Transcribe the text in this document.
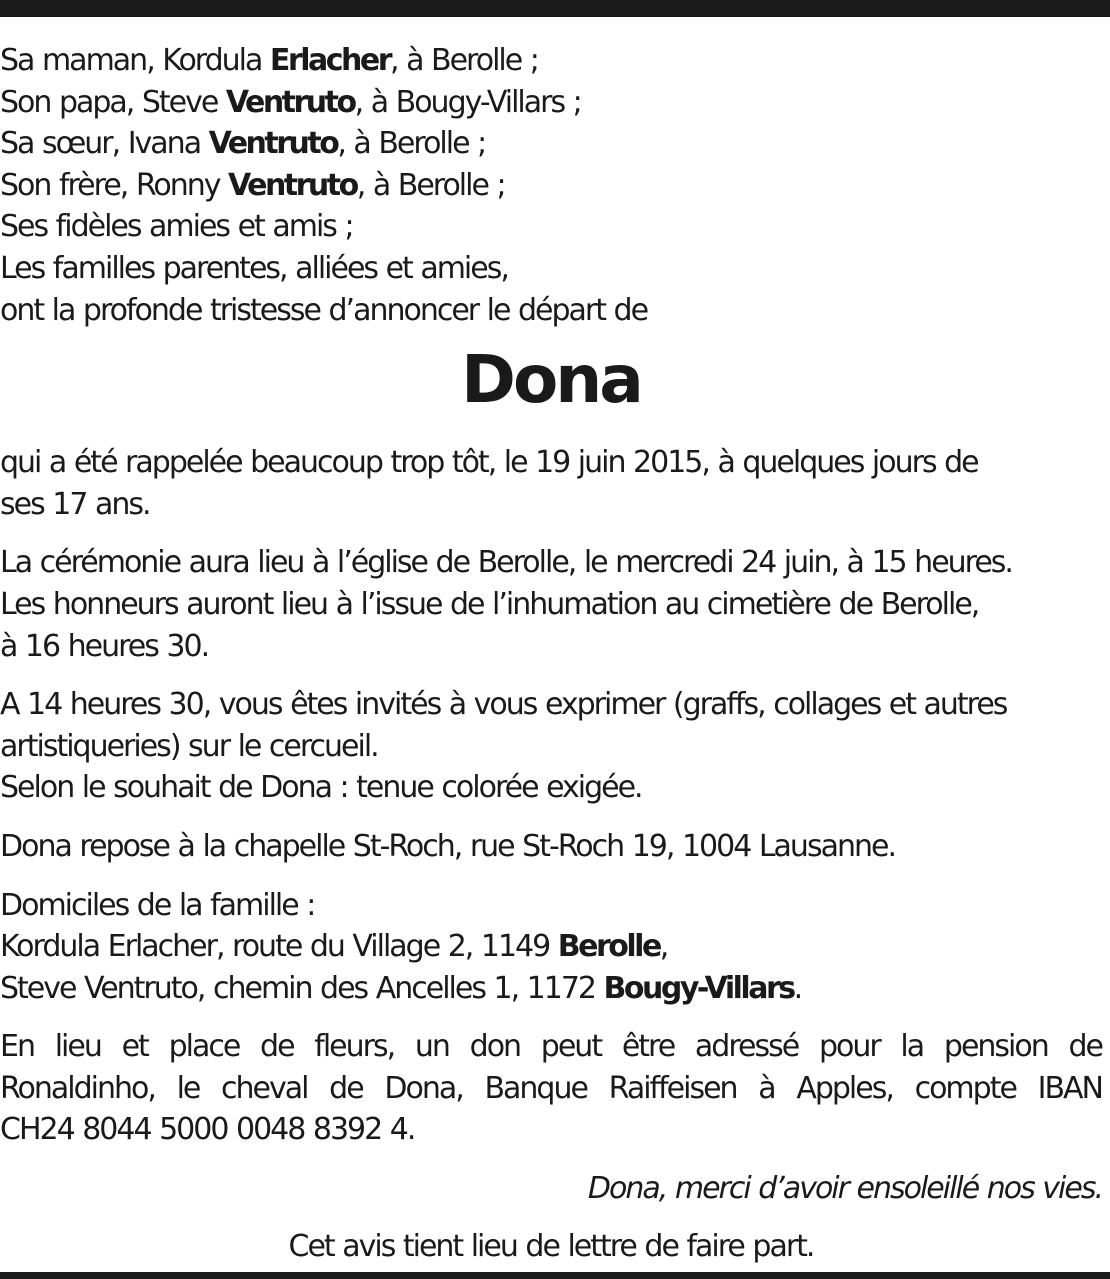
Sa maman, Kordula Erlacher, à Berolle ;
Son papa, Steve Ventruto, à Bougy-Villars ;
Sa sœur, Ivana Ventruto, à Berolle ;
Son frère, Ronny Ventruto, à Berolle ;
Ses fidèles amies et amis ;
Les familles parentes, alliées et amies,
ont la profonde tristesse d’annoncer le départ de
Dona
qui a été rappelée beaucoup trop tôt, le 19 juin 2015, à quelques jours de
ses 17 ans.
La cérémonie aura lieu à l’église de Berolle, le mercredi 24 juin, à 15 heures.
Les honneurs auront lieu à l’issue de l’inhumation au cimetière de Berolle,
à 16 heures 30.
A 14 heures 30, vous êtes invités à vous exprimer (graffs, collages et autres
artistiqueries) sur le cercueil.
Selon le souhait de Dona : tenue colorée exigée.
Dona repose à la chapelle St-Roch, rue St-Roch 19, 1004 Lausanne.
Domiciles de la famille :
Kordula Erlacher, route du Village 2, 1149 Berolle,
Steve Ventruto, chemin des Ancelles 1, 1172 Bougy-Villars.
En lieu et place de fleurs, un don peut être adressé pour la pension de
Ronaldinho, le cheval de Dona, Banque Raiffeisen à Apples, compte IBAN
CH24 8044 5000 0048 8392 4.
Dona, merci d’avoir ensoleillé nos vies.
Cet avis tient lieu de lettre de faire part.
